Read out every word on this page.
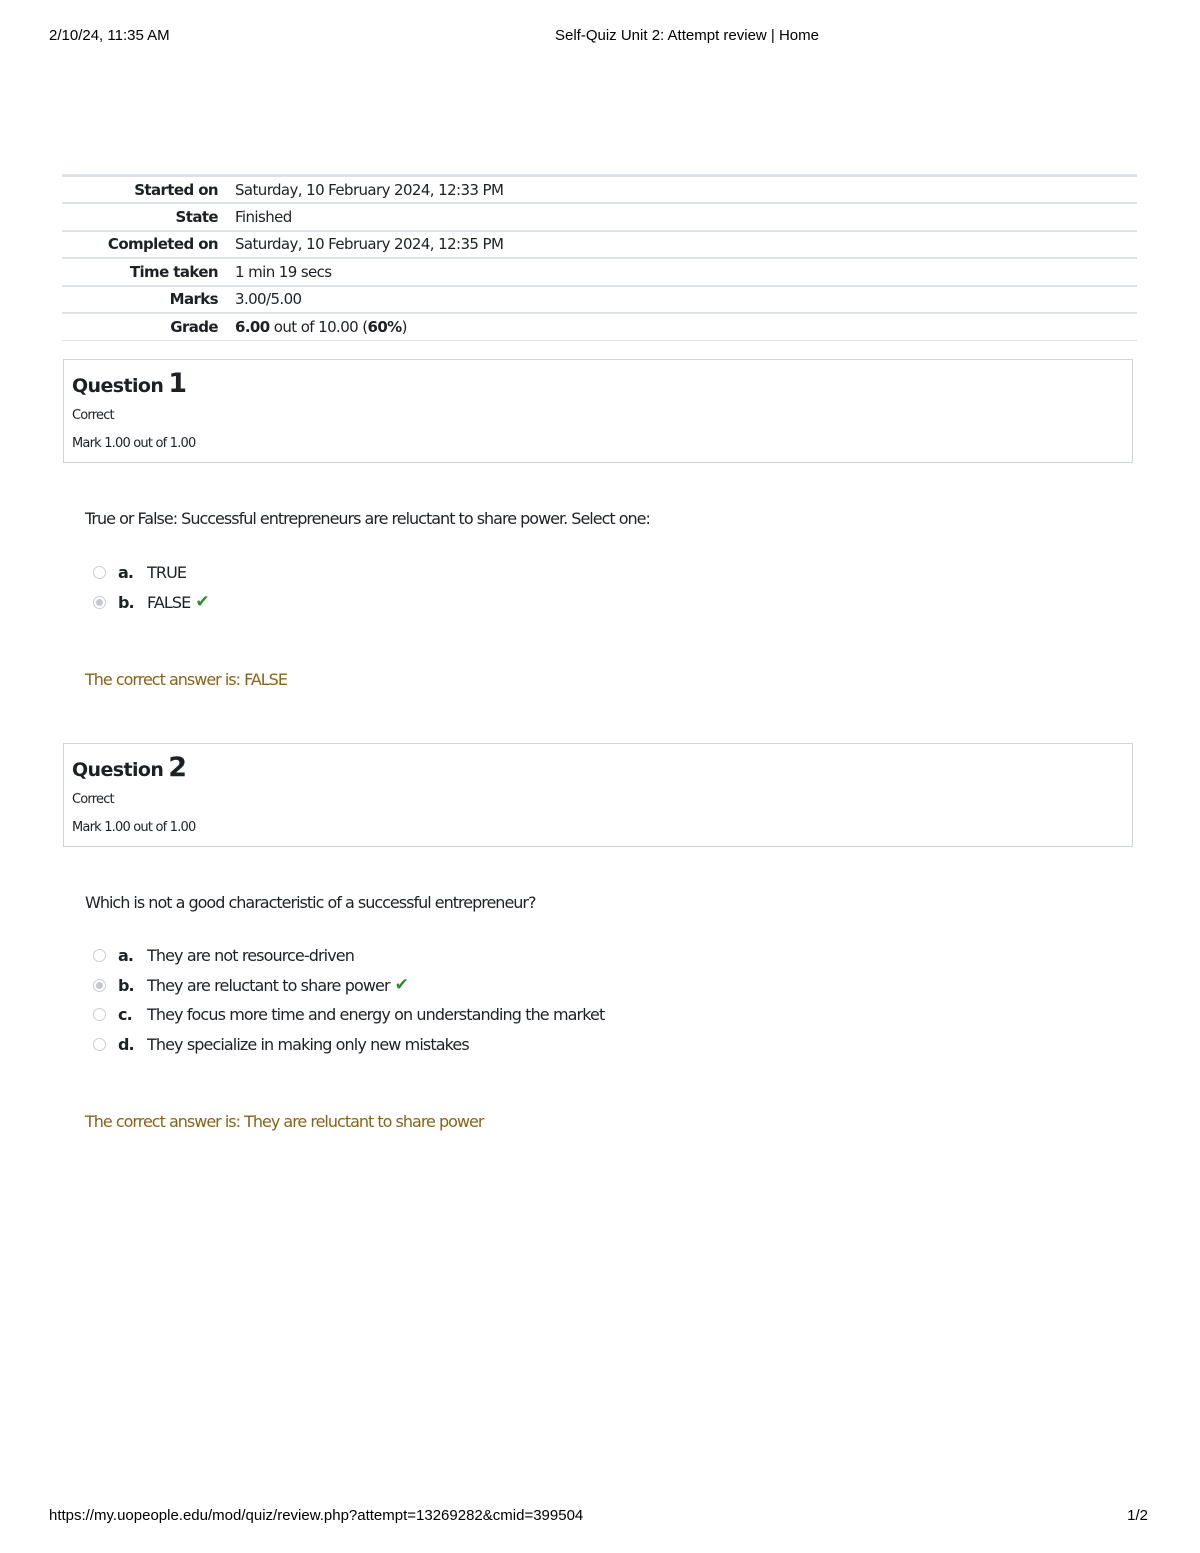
2/10/24, 11:35 AM	Self-Quiz Unit 2: Attempt review | Home
Started on	Saturday, 10 February 2024, 12:33 PM
State	Finished
Completed on	Saturday, 10 February 2024, 12:35 PM
Time taken	1 min 19 secs
Marks	3.00/5.00
Grade	6.00 out of 10.00 (60%)
Question 1
Correct
Mark 1.00 out of 1.00
True or False: Successful entrepreneurs are reluctant to share power. Select one:
a. TRUE
b. FALSE ✔
The correct answer is: FALSE
Question 2
Correct
Mark 1.00 out of 1.00
Which is not a good characteristic of a successful entrepreneur?
a. They are not resource-driven
b. They are reluctant to share power ✔
c. They focus more time and energy on understanding the market
d. They specialize in making only new mistakes
The correct answer is: They are reluctant to share power
https://my.uopeople.edu/mod/quiz/review.php?attempt=13269282&cmid=399504	1/2
